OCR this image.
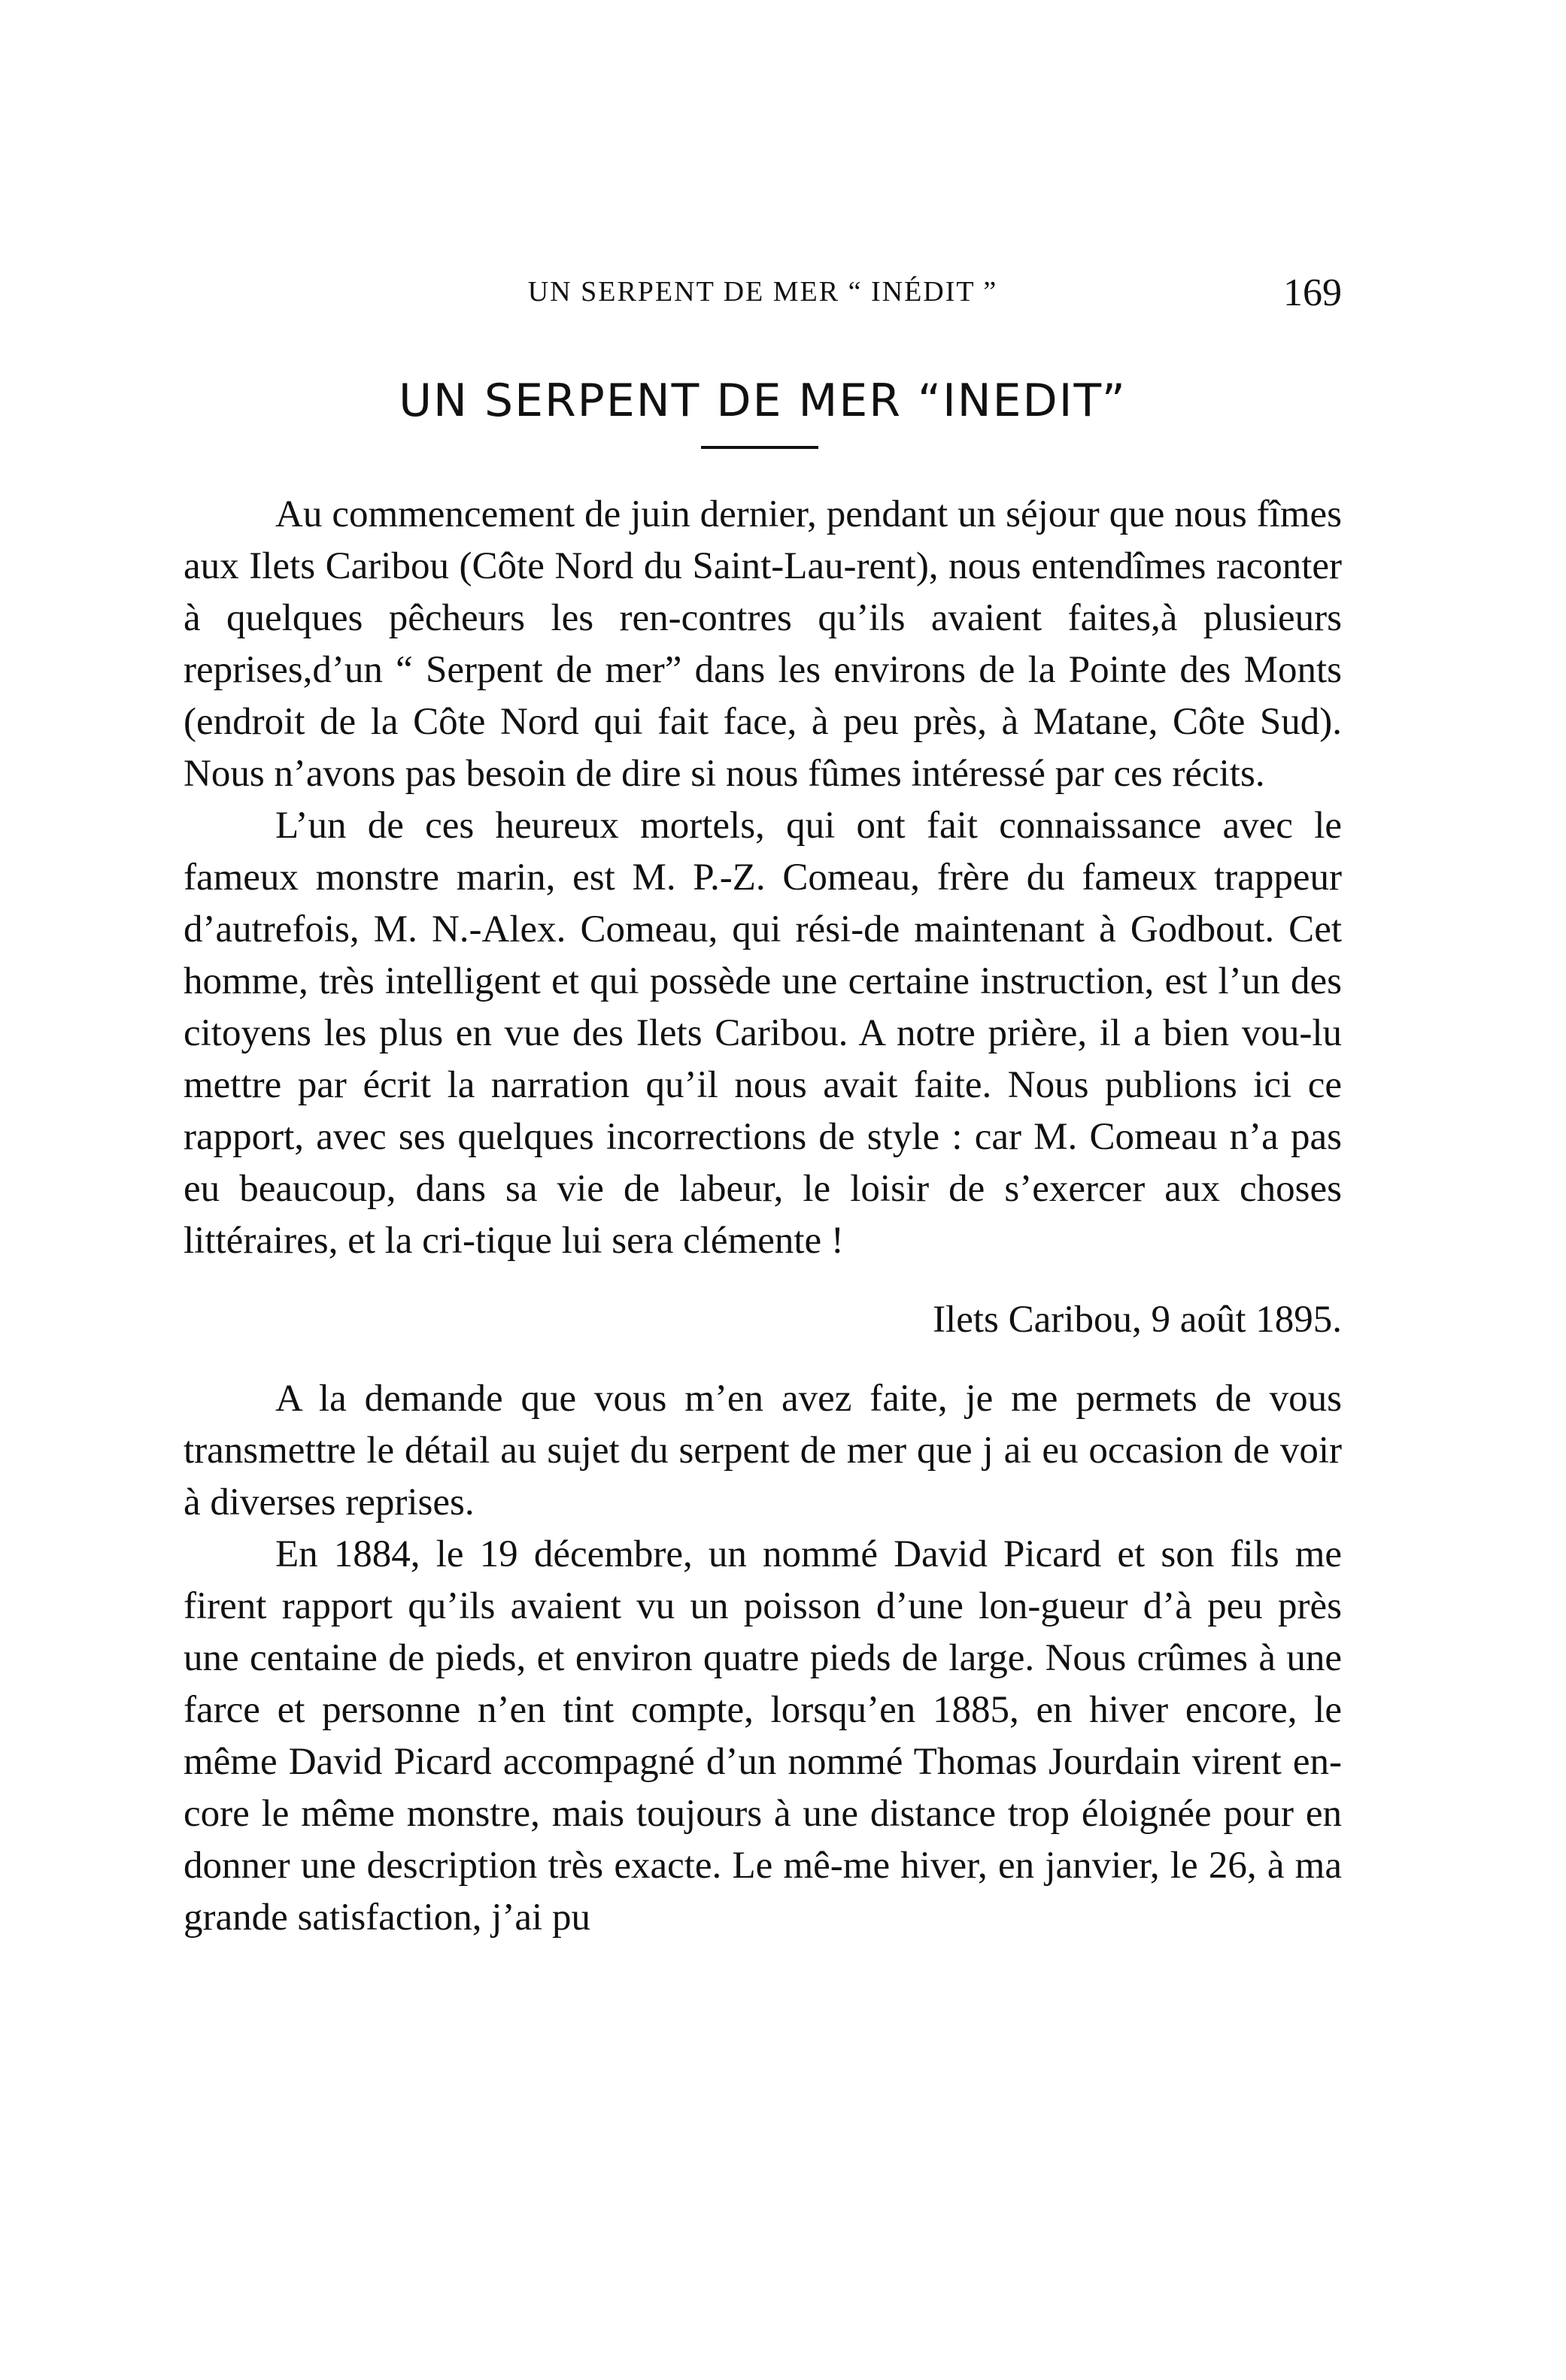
UN SERPENT DE MER “ INÉDIT ”	169
UN SERPENT DE MER “INEDIT”

Au commencement de juin dernier, pendant un séjour que nous fîmes aux Ilets Caribou (Côte Nord du Saint-Lau-rent), nous entendîmes raconter à quelques pêcheurs les ren-contres qu’ils avaient faites,à plusieurs reprises,d’un “ Serpent de mer” dans les environs de la Pointe des Monts (endroit de la Côte Nord qui fait face, à peu près, à Matane, Côte Sud). Nous n’avons pas besoin de dire si nous fûmes intéressé par ces récits.

L’un de ces heureux mortels, qui ont fait connaissance avec le fameux monstre marin, est M. P.-Z. Comeau, frère du fameux trappeur d’autrefois, M. N.-Alex. Comeau, qui rési-de maintenant à Godbout. Cet homme, très intelligent et qui possède une certaine instruction, est l’un des citoyens les plus en vue des Ilets Caribou. A notre prière, il a bien vou-lu mettre par écrit la narration qu’il nous avait faite. Nous publions ici ce rapport, avec ses quelques incorrections de style : car M. Comeau n’a pas eu beaucoup, dans sa vie de labeur, le loisir de s’exercer aux choses littéraires, et la cri-tique lui sera clémente !

Ilets Caribou, 9 août 1895.

A la demande que vous m’en avez faite, je me permets de vous transmettre le détail au sujet du serpent de mer que j ai eu occasion de voir à diverses reprises.

En 1884, le 19 décembre, un nommé David Picard et son fils me firent rapport qu’ils avaient vu un poisson d’une lon-gueur d’à peu près une centaine de pieds, et environ quatre pieds de large. Nous crûmes à une farce et personne n’en tint compte, lorsqu’en 1885, en hiver encore, le même David Picard accompagné d’un nommé Thomas Jourdain virent en-core le même monstre, mais toujours à une distance trop éloignée pour en donner une description très exacte. Le mê-me hiver, en janvier, le 26, à ma grande satisfaction, j’ai pu
